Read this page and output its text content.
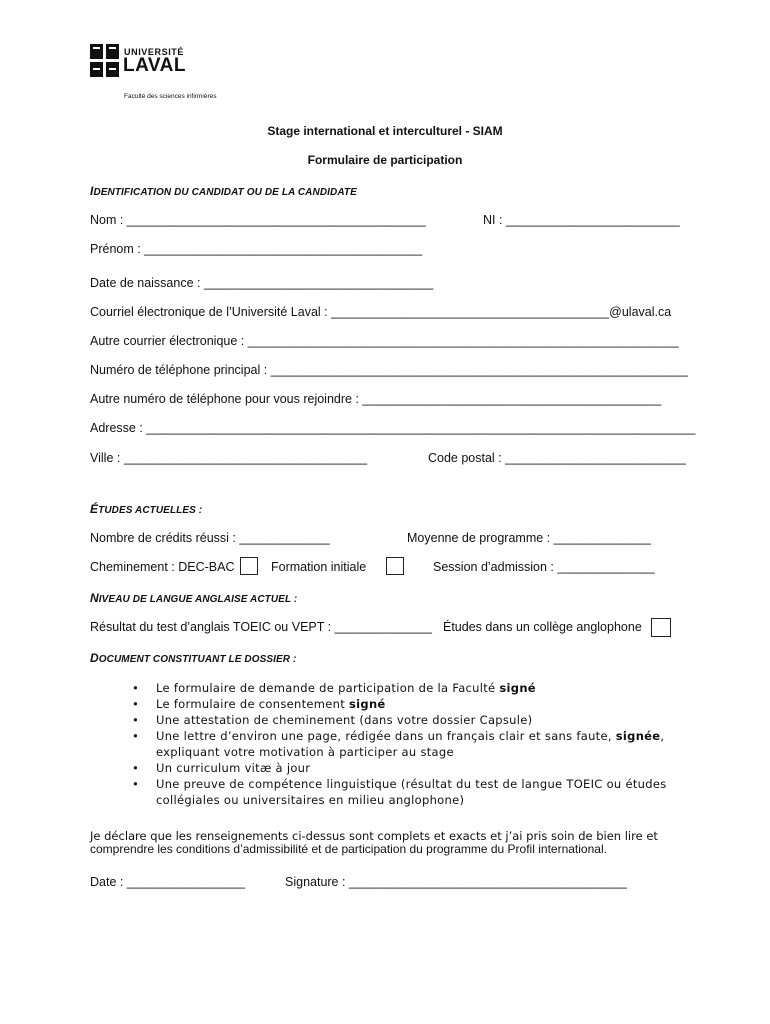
UNIVERSITÉ
LAVAL
Faculté des sciences infirmières
Stage international et interculturel - SIAM
Formulaire de participation
IDENTIFICATION DU CANDIDAT OU DE LA CANDIDATE
Nom : ___________________________________________	NI : _________________________
Prénom : ________________________________________
Date de naissance : _________________________________
Courriel électronique de l’Université Laval : ________________________________________@ulaval.ca
Autre courrier électronique : ______________________________________________________________
Numéro de téléphone principal : ____________________________________________________________
Autre numéro de téléphone pour vous rejoindre : ___________________________________________
Adresse : _______________________________________________________________________________
Ville : ___________________________________	Code postal : __________________________
ÉTUDES ACTUELLES :
Nombre de crédits réussi : _____________	Moyenne de programme : ______________
Cheminement : DEC-BAC	Formation initiale	Session d’admission : ______________
NIVEAU DE LANGUE ANGLAISE ACTUEL :
Résultat du test d’anglais TOEIC ou VEPT : ______________ Études dans un collège anglophone
DOCUMENT CONSTITUANT LE DOSSIER :
• Le formulaire de demande de participation de la Faculté signé
• Le formulaire de consentement signé
• Une attestation de cheminement (dans votre dossier Capsule)
• Une lettre d’environ une page, rédigée dans un français clair et sans faute, signée, expliquant votre motivation à participer au stage
• Un curriculum vitæ à jour
• Une preuve de compétence linguistique (résultat du test de langue TOEIC ou études collégiales ou universitaires en milieu anglophone)
Je déclare que les renseignements ci-dessus sont complets et exacts et j’ai pris soin de bien lire et
comprendre les conditions d’admissibilité et de participation du programme du Profil international.
Date : _________________	Signature : ________________________________________
